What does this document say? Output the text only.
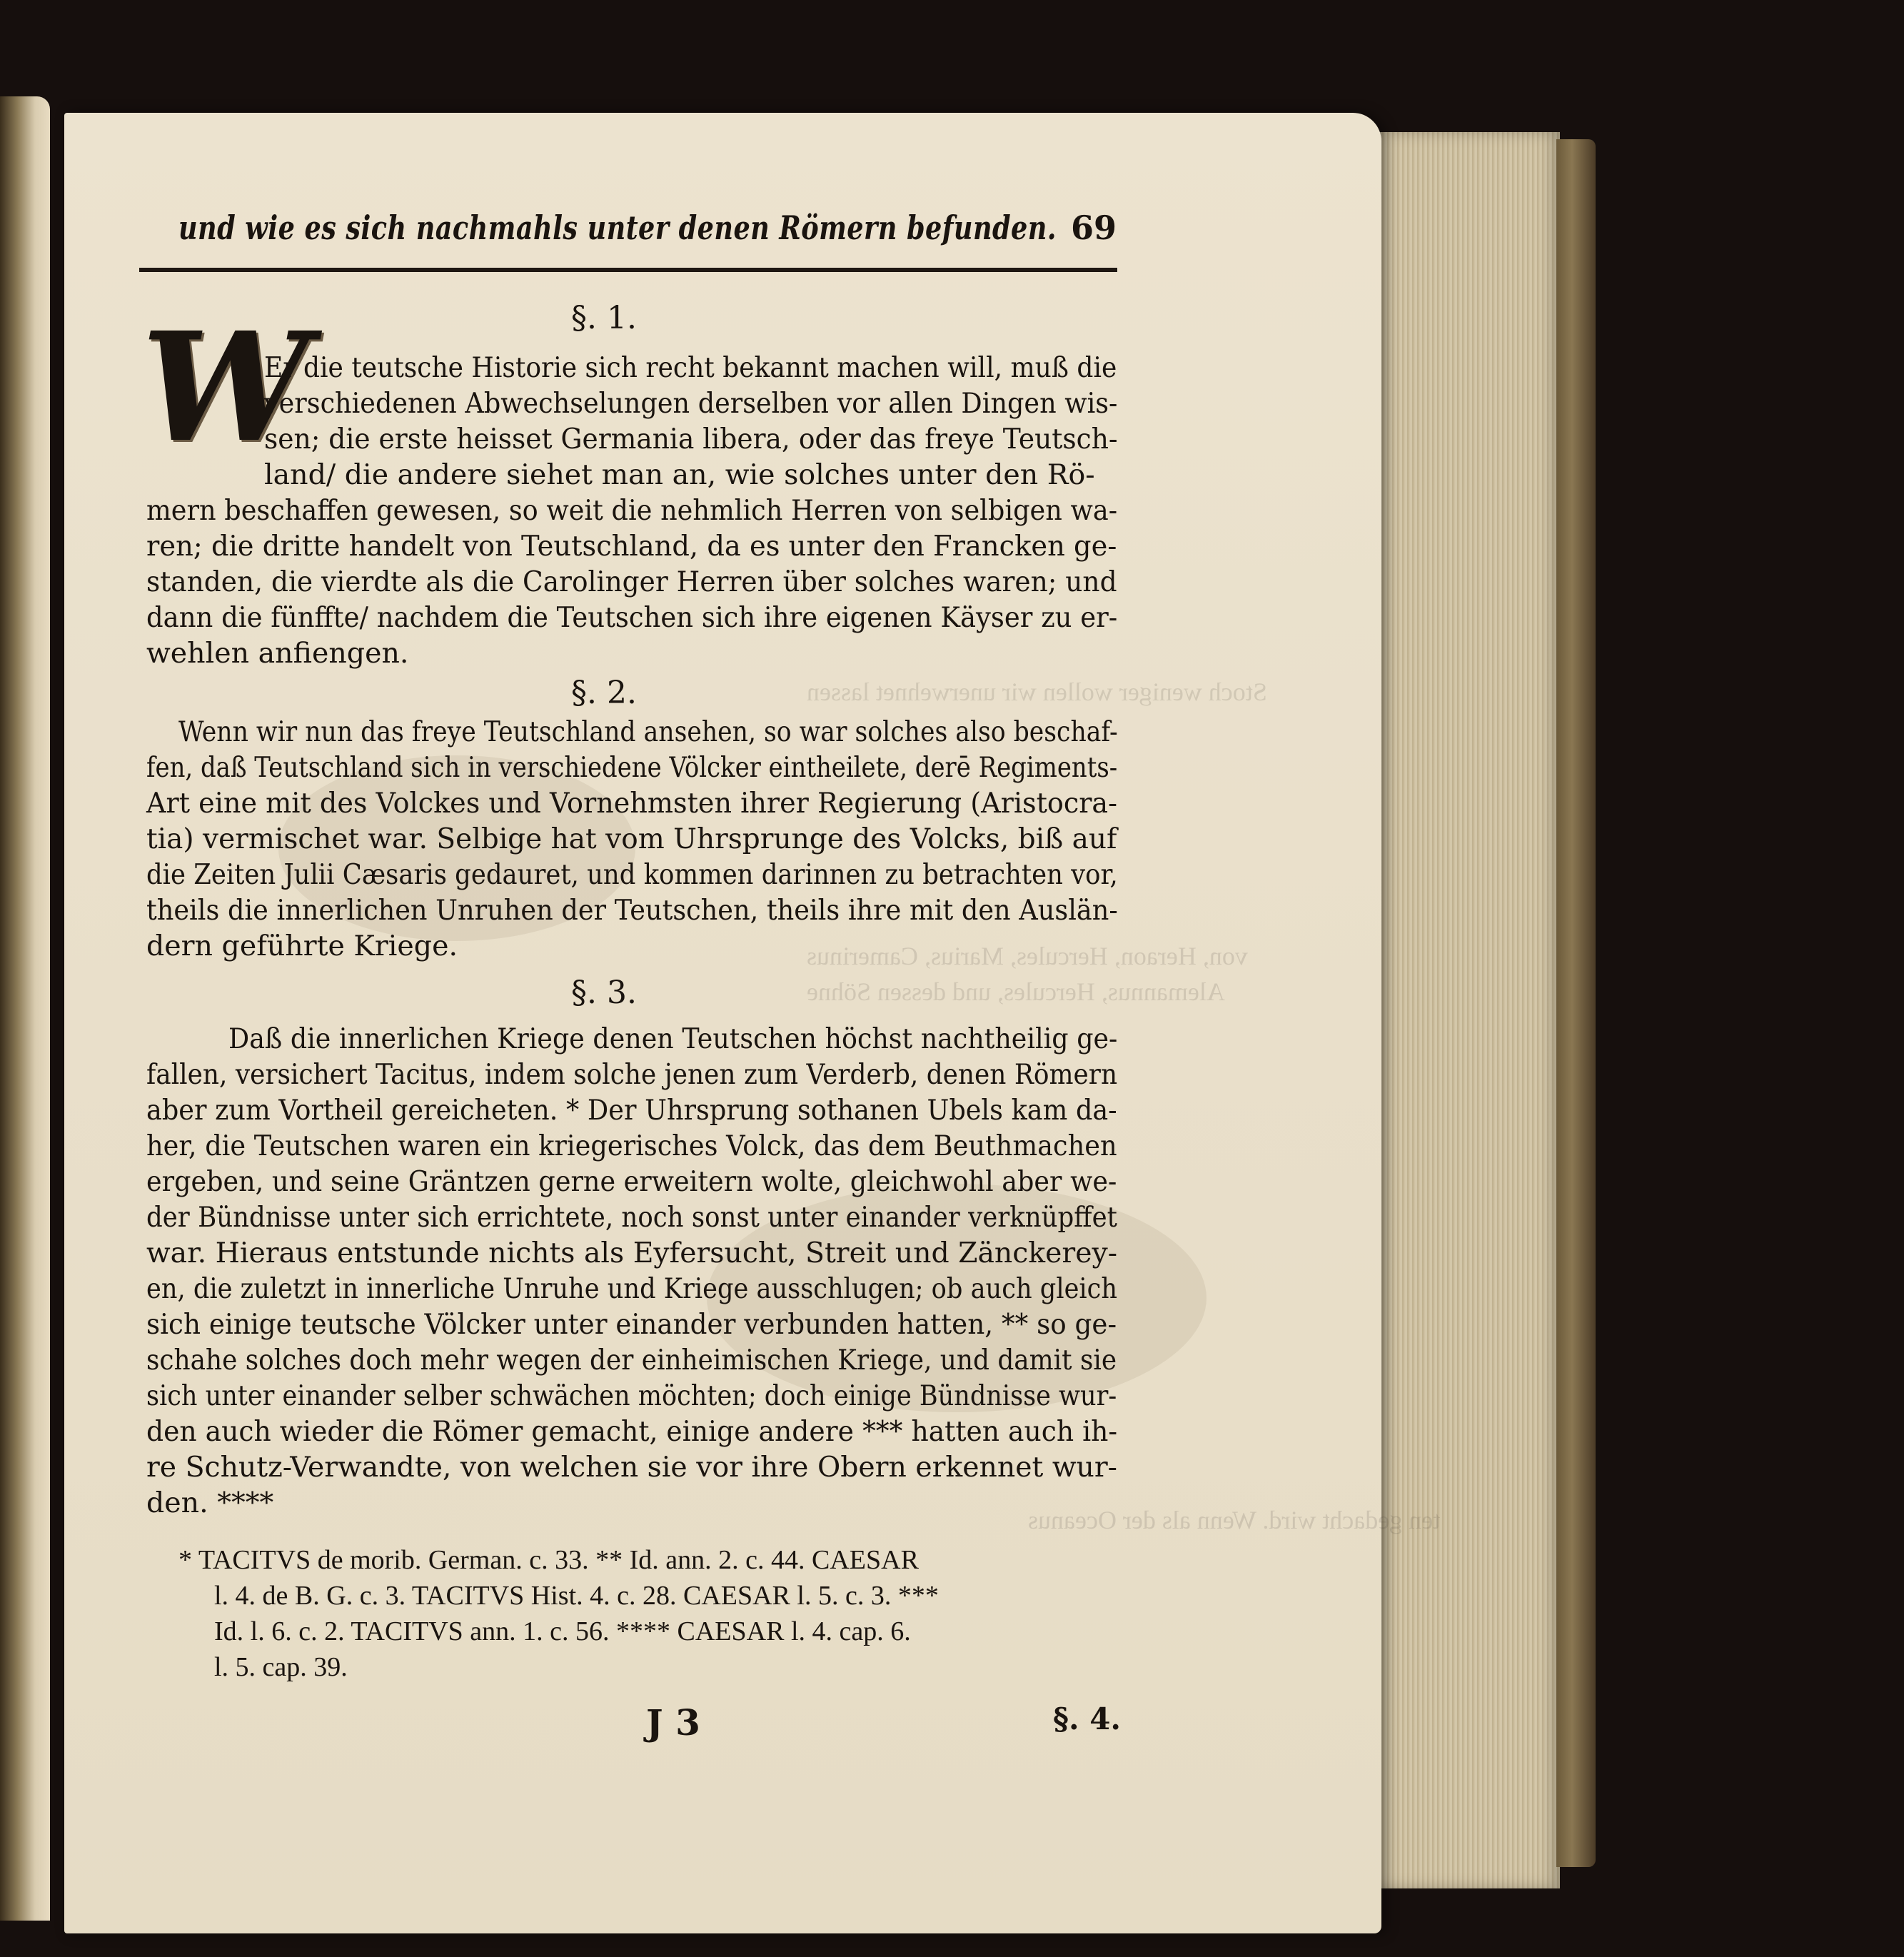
Stoch weniger wollen wir unerwehnet lassen
von, Heraon, Hercules, Marius, Camerinus
Alemannus, Hercules, und dessen Söhne
ten gedacht wird. Wenn als der Oceanus
und wie es sich nachmahls unter denen Römern befunden. 69
§. 1.
W
Er die teutsche Historie sich recht bekannt machen will, muß die
verschiedenen Abwechselungen derselben vor allen Dingen wis-
sen; die erste heisset Germania libera, oder das freye Teutsch-
land/ die andere siehet man an, wie solches unter den Rö-
mern beschaffen gewesen, so weit die nehmlich Herren von selbigen wa-
ren; die dritte handelt von Teutschland, da es unter den Francken ge-
standen, die vierdte als die Carolinger Herren über solches waren; und
dann die fünffte/ nachdem die Teutschen sich ihre eigenen Käyser zu er-
wehlen anfiengen.
§. 2.
Wenn wir nun das freye Teutschland ansehen, so war solches also beschaf-
fen, daß Teutschland sich in verschiedene Völcker eintheilete, derē Regiments-
Art eine mit des Volckes und Vornehmsten ihrer Regierung (Aristocra-
tia) vermischet war. Selbige hat vom Uhrsprunge des Volcks, biß auf
die Zeiten Julii Cæsaris gedauret, und kommen darinnen zu betrachten vor,
theils die innerlichen Unruhen der Teutschen, theils ihre mit den Auslän-
dern geführte Kriege.
§. 3.
Daß die innerlichen Kriege denen Teutschen höchst nachtheilig ge-
fallen, versichert Tacitus, indem solche jenen zum Verderb, denen Römern
aber zum Vortheil gereicheten. * Der Uhrsprung sothanen Ubels kam da-
her, die Teutschen waren ein kriegerisches Volck, das dem Beuthmachen
ergeben, und seine Gräntzen gerne erweitern wolte, gleichwohl aber we-
der Bündnisse unter sich errichtete, noch sonst unter einander verknüpffet
war. Hieraus entstunde nichts als Eyfersucht, Streit und Zänckerey-
en, die zuletzt in innerliche Unruhe und Kriege ausschlugen; ob auch gleich
sich einige teutsche Völcker unter einander verbunden hatten, ** so ge-
schahe solches doch mehr wegen der einheimischen Kriege, und damit sie
sich unter einander selber schwächen möchten; doch einige Bündnisse wur-
den auch wieder die Römer gemacht, einige andere *** hatten auch ih-
re Schutz-Verwandte, von welchen sie vor ihre Obern erkennet wur-
den. ****
* TACITVS de morib. German. c. 33. ** Id. ann. 2. c. 44. CAESAR
l. 4. de B. G. c. 3. TACITVS Hist. 4. c. 28. CAESAR l. 5. c. 3. ***
Id. l. 6. c. 2. TACITVS ann. 1. c. 56. **** CAESAR l. 4. cap. 6.
l. 5. cap. 39.
J 3	§. 4.
